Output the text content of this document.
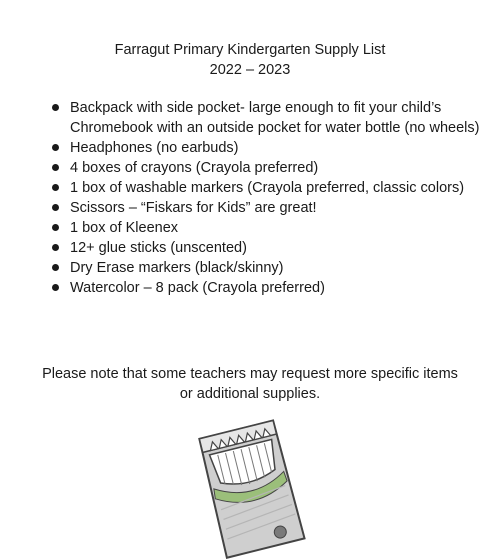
Farragut Primary Kindergarten Supply List
2022 – 2023
Backpack with side pocket- large enough to fit your child’s Chromebook with an outside pocket for water bottle (no wheels)
Headphones (no earbuds)
4 boxes of crayons (Crayola preferred)
1 box of washable markers (Crayola preferred, classic colors)
Scissors – “Fiskars for Kids” are great!
1 box of Kleenex
12+ glue sticks (unscented)
Dry Erase markers (black/skinny)
Watercolor – 8 pack (Crayola preferred)
Please note that some teachers may request more specific items or additional supplies.
